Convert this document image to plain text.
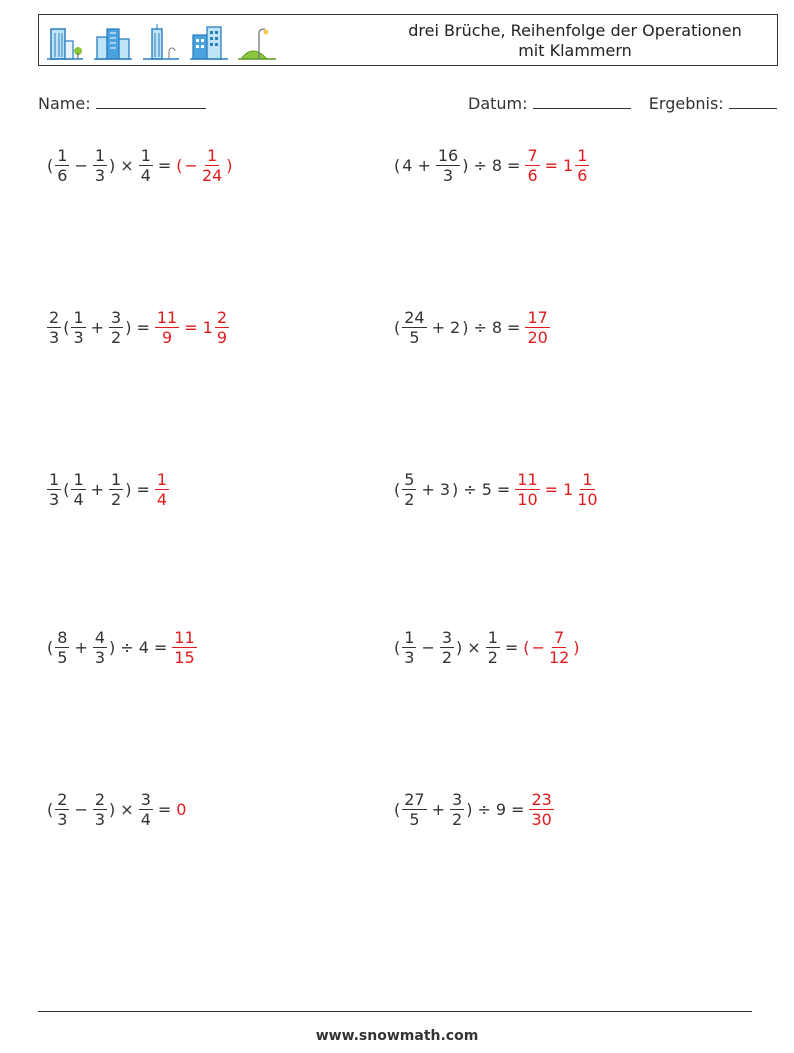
drei Brüche, Reihenfolge der Operationen
mit Klammern
Name:	Datum:	Ergebnis:
( $\frac{1}{6} - \frac{1}{3}$ ) × $\frac{1}{4}$ = ( − $\frac{1}{24}$ )	( $4 + \frac{16}{3}$ ) ÷ $8 = \frac{7}{6} = 1 \frac{1}{6}$
$\frac{2}{3}$ ( $\frac{1}{3} + \frac{3}{2}$ ) = $\frac{11}{9} = 1 \frac{2}{9}$	( $\frac{24}{5} + 2$ ) ÷ $8 = \frac{17}{20}$
$\frac{1}{3}$ ( $\frac{1}{4} + \frac{1}{2}$ ) = $\frac{1}{4}$	( $\frac{5}{2} + 3$ ) ÷ $5 = \frac{11}{10} = 1 \frac{1}{10}$
( $\frac{8}{5} + \frac{4}{3}$ ) ÷ $4 = \frac{11}{15}$	( $\frac{1}{3} - \frac{3}{2}$ ) × $\frac{1}{2}$ = ( − $\frac{7}{12}$ )
( $\frac{2}{3} - \frac{2}{3}$ ) × $\frac{3}{4} = 0$	( $\frac{27}{5} + \frac{3}{2}$ ) ÷ $9 = \frac{23}{30}$
www.snowmath.com
